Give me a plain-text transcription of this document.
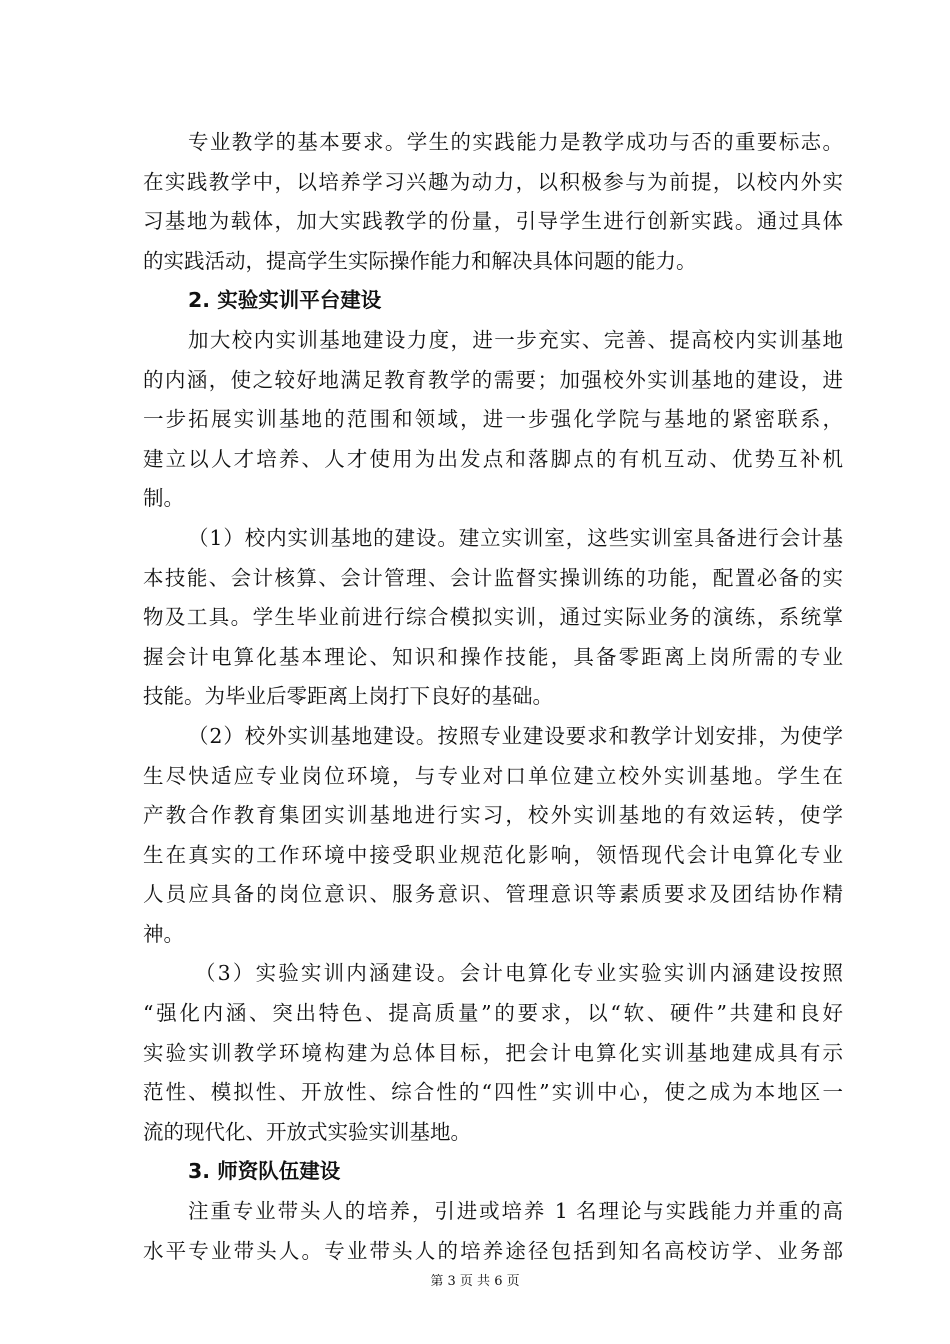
专业教学的基本要求。学生的实践能力是教学成功与否的重要标志。
在实践教学中，以培养学习兴趣为动力，以积极参与为前提，以校内外实
习基地为载体，加大实践教学的份量，引导学生进行创新实践。通过具体
的实践活动，提高学生实际操作能力和解决具体问题的能力。
2. 实验实训平台建设
加大校内实训基地建设力度，进一步充实、完善、提高校内实训基地
的内涵，使之较好地满足教育教学的需要；加强校外实训基地的建设，进
一步拓展实训基地的范围和领域，进一步强化学院与基地的紧密联系，
建立以人才培养、人才使用为出发点和落脚点的有机互动、优势互补机
制。
（1）校内实训基地的建设。建立实训室，这些实训室具备进行会计基
本技能、会计核算、会计管理、会计监督实操训练的功能，配置必备的实
物及工具。学生毕业前进行综合模拟实训，通过实际业务的演练，系统掌
握会计电算化基本理论、知识和操作技能，具备零距离上岗所需的专业
技能。为毕业后零距离上岗打下良好的基础。
（2）校外实训基地建设。按照专业建设要求和教学计划安排，为使学
生尽快适应专业岗位环境，与专业对口单位建立校外实训基地。学生在
产教合作教育集团实训基地进行实习，校外实训基地的有效运转，使学
生在真实的工作环境中接受职业规范化影响，领悟现代会计电算化专业
人员应具备的岗位意识、服务意识、管理意识等素质要求及团结协作精
神。
（3）实验实训内涵建设。会计电算化专业实验实训内涵建设按照
“强化内涵、突出特色、提高质量”的要求，以“软、硬件”共建和良好
实验实训教学环境构建为总体目标，把会计电算化实训基地建成具有示
范性、模拟性、开放性、综合性的“四性”实训中心，使之成为本地区一
流的现代化、开放式实验实训基地。
3. 师资队伍建设
注重专业带头人的培养，引进或培养 1 名理论与实践能力并重的高
水平专业带头人。专业带头人的培养途径包括到知名高校访学、业务部
第 3 页 共 6 页
